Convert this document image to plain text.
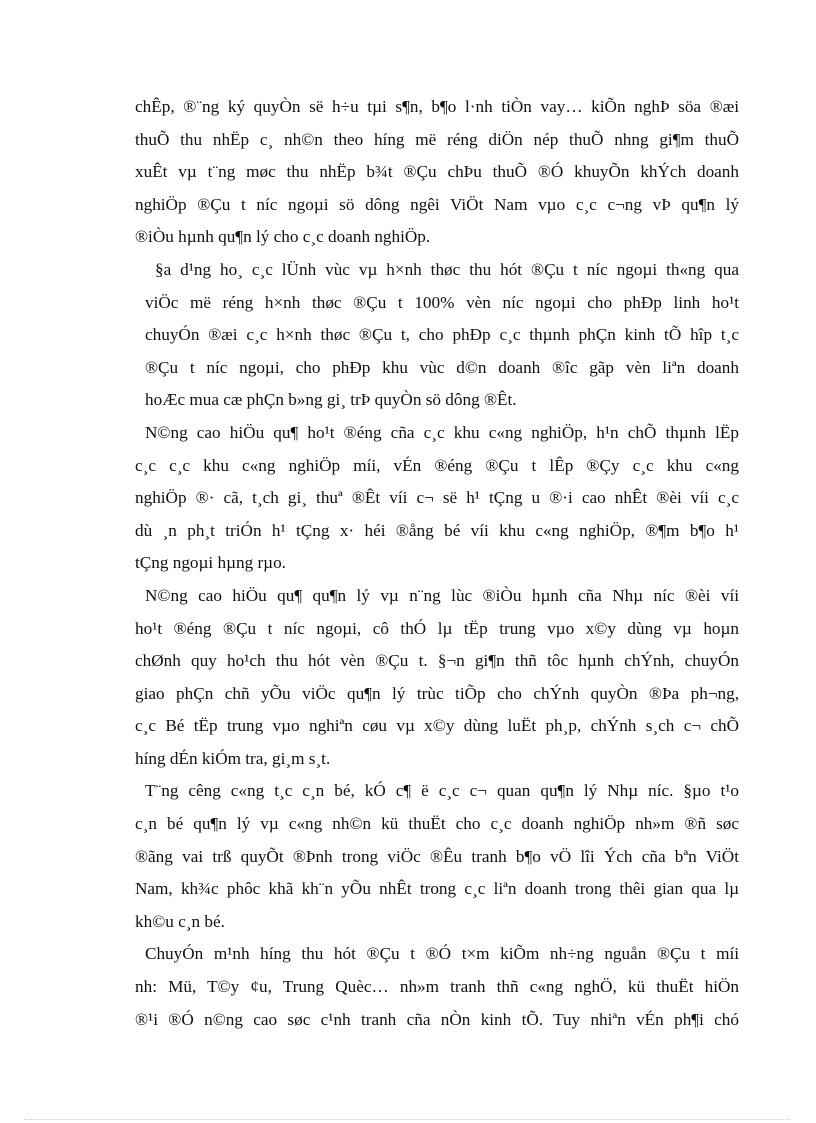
chÊp, ®¨ng ký quyÒn së h÷u tµi s¶n, b¶o l·nh tiÒn vay… kiÕn nghÞ söa ®æi
thuÕ thu nhËp c¸ nh©n theo híng më réng diÖn nép thuÕ nhng gi¶m thuÕ
xuÊt vµ t¨ng møc thu nhËp b¾t ®Çu chÞu thuÕ ®Ó khuyÕn khÝch doanh
nghiÖp ®Çu t níc ngoµi sö dông ngêi ViÖt Nam vµo c¸c c¬ng vÞ qu¶n lý
®iÒu hµnh qu¶n lý cho c¸c doanh nghiÖp.

§a d¹ng ho¸ c¸c lÜnh vùc vµ h×nh thøc thu hót ®Çu t níc ngoµi th«ng qua
viÖc më réng h×nh thøc ®Çu t 100% vèn níc ngoµi cho phÐp linh ho¹t
chuyÓn ®æi c¸c h×nh thøc ®Çu t, cho phÐp c¸c thµnh phÇn kinh tÕ hîp t¸c
®Çu t níc ngoµi, cho phÐp khu vùc d©n doanh ®îc gãp vèn liªn doanh
hoÆc mua cæ phÇn b»ng gi¸ trÞ quyÒn sö dông ®Êt.

N©ng cao hiÖu qu¶ ho¹t ®éng cña c¸c khu c«ng nghiÖp, h¹n chÕ thµnh lËp
c¸c c¸c khu c«ng nghiÖp míi, vÉn ®éng ®Çu t lÊp ®Çy c¸c khu c«ng
nghiÖp ®· cã, t¸ch gi¸ thuª ®Êt víi c¬ së h¹ tÇng u ®·i cao nhÊt ®èi víi c¸c
dù ¸n ph¸t triÓn h¹ tÇng x· héi ®ång bé víi khu c«ng nghiÖp, ®¶m b¶o h¹
tÇng ngoµi hµng rµo.

N©ng cao hiÖu qu¶ qu¶n lý vµ n¨ng lùc ®iÒu hµnh cña Nhµ níc ®èi víi
ho¹t ®éng ®Çu t níc ngoµi, cô thÓ lµ tËp trung vµo x©y dùng vµ hoµn
chØnh quy ho¹ch thu hót vèn ®Çu t. §¬n gi¶n thñ tôc hµnh chÝnh, chuyÓn
giao phÇn chñ yÕu viÖc qu¶n lý trùc tiÕp cho chÝnh quyÒn ®Þa ph¬ng,
c¸c Bé tËp trung vµo nghiªn cøu vµ x©y dùng luËt ph¸p, chÝnh s¸ch c¬ chÕ
híng dÉn kiÓm tra, gi¸m s¸t.

T¨ng cêng c«ng t¸c c¸n bé, kÓ c¶ ë c¸c c¬ quan qu¶n lý Nhµ níc. §µo t¹o
c¸n bé qu¶n lý vµ c«ng nh©n kü thuËt cho c¸c doanh nghiÖp nh»m ®ñ søc
®ãng vai trß quyÕt ®Þnh trong viÖc ®Êu tranh b¶o vÖ lîi Ých cña bªn ViÖt
Nam, kh¾c phôc khã kh¨n yÕu nhÊt trong c¸c liªn doanh trong thêi gian qua lµ
kh©u c¸n bé.

ChuyÓn m¹nh híng thu hót ®Çu t ®Ó t×m kiÕm nh÷ng nguån ®Çu t míi
nh: Mü, T©y ¢u, Trung Quèc… nh»m tranh thñ c«ng nghÖ, kü thuËt hiÖn
®¹i ®Ó n©ng cao søc c¹nh tranh cña nÒn kinh tÕ. Tuy nhiªn vÉn ph¶i chó
